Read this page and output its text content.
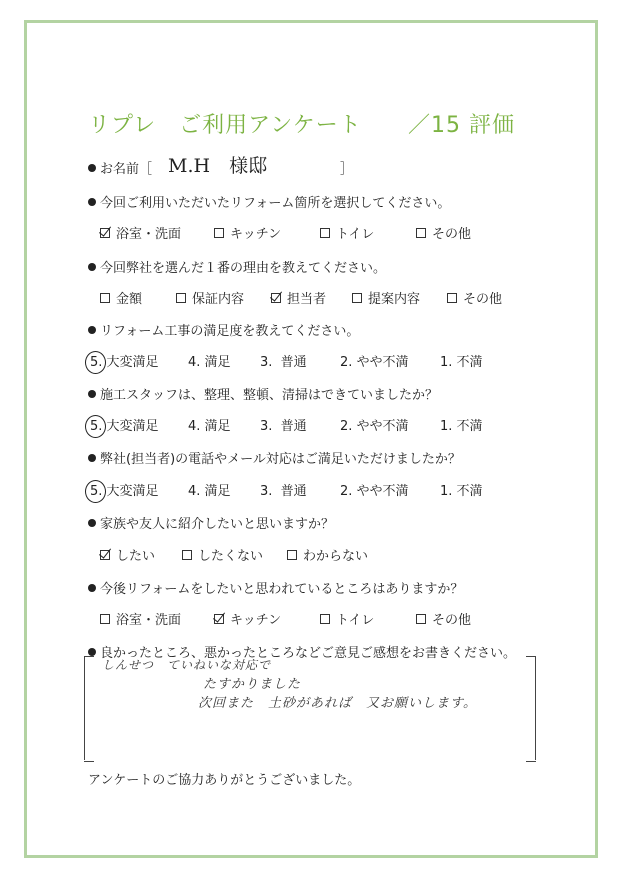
リプレ　ご利用アンケート ／15 評価
お名前［ M.H　様邸	］
今回ご利用いただいたリフォーム箇所を選択してください。
浴室・洗面	キッチン	トイレ	その他
今回弊社を選んだ１番の理由を教えてください。
金額	保証内容	担当者	提案内容	その他
リフォーム工事の満足度を教えてください。
5. 大変満足 4. 満足 3. 普通	2. やや不満 1. 不満
施工スタッフは、整理、整頓、清掃はできていましたか？
5. 大変満足 4. 満足 3. 普通	2. やや不満 1. 不満
弊社(担当者)の電話やメール対応はご満足いただけましたか？
5. 大変満足 4. 満足 3. 普通	2. やや不満 1. 不満
家族や友人に紹介したいと思いますか？
したい	したくない	わからない
今後リフォームをしたいと思われているところはありますか？
浴室・洗面	キッチン	トイレ	その他
良かったところ、悪かったところなどご意見ご感想をお書きください。
しんせつ　ていねいな対応で
たすかりました
次回また　土砂があれば　又お願いします。
アンケートのご協力ありがとうございました。
